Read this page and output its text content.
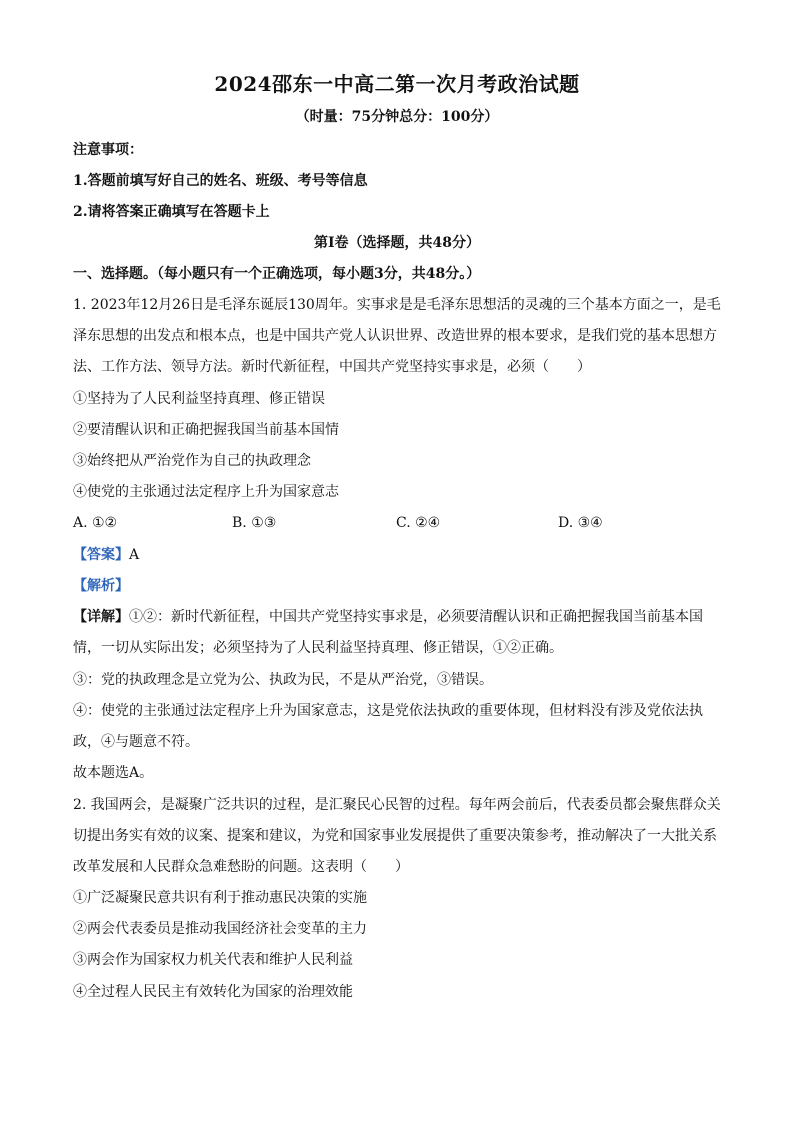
2024邵东一中高二第一次月考政治试题
（时量：75分钟总分：100分）
注意事项：
1.答题前填写好自己的姓名、班级、考号等信息
2.请将答案正确填写在答题卡上
第Ⅰ卷（选择题，共48分）
一、选择题。（每小题只有一个正确选项，每小题3分，共48分。）
1. 2023年12月26日是毛泽东诞辰130周年。实事求是是毛泽东思想活的灵魂的三个基本方面之一，是毛
泽东思想的出发点和根本点，也是中国共产党人认识世界、改造世界的根本要求，是我们党的基本思想方
法、工作方法、领导方法。新时代新征程，中国共产党坚持实事求是，必须（　　）
①坚持为了人民利益坚持真理、修正错误
②要清醒认识和正确把握我国当前基本国情
③始终把从严治党作为自己的执政理念
④使党的主张通过法定程序上升为国家意志
A. ①②	B. ①③	C. ②④	D. ③④
【答案】A
【解析】
【详解】①②：新时代新征程，中国共产党坚持实事求是，必须要清醒认识和正确把握我国当前基本国
情，一切从实际出发；必须坚持为了人民利益坚持真理、修正错误，①②正确。
③：党的执政理念是立党为公、执政为民，不是从严治党，③错误。
④：使党的主张通过法定程序上升为国家意志，这是党依法执政的重要体现，但材料没有涉及党依法执
政，④与题意不符。
故本题选A。
2. 我国两会，是凝聚广泛共识的过程，是汇聚民心民智的过程。每年两会前后，代表委员都会聚焦群众关
切提出务实有效的议案、提案和建议，为党和国家事业发展提供了重要决策参考，推动解决了一大批关系
改革发展和人民群众急难愁盼的问题。这表明（　　）
①广泛凝聚民意共识有利于推动惠民决策的实施
②两会代表委员是推动我国经济社会变革的主力
③两会作为国家权力机关代表和维护人民利益
④全过程人民民主有效转化为国家的治理效能
